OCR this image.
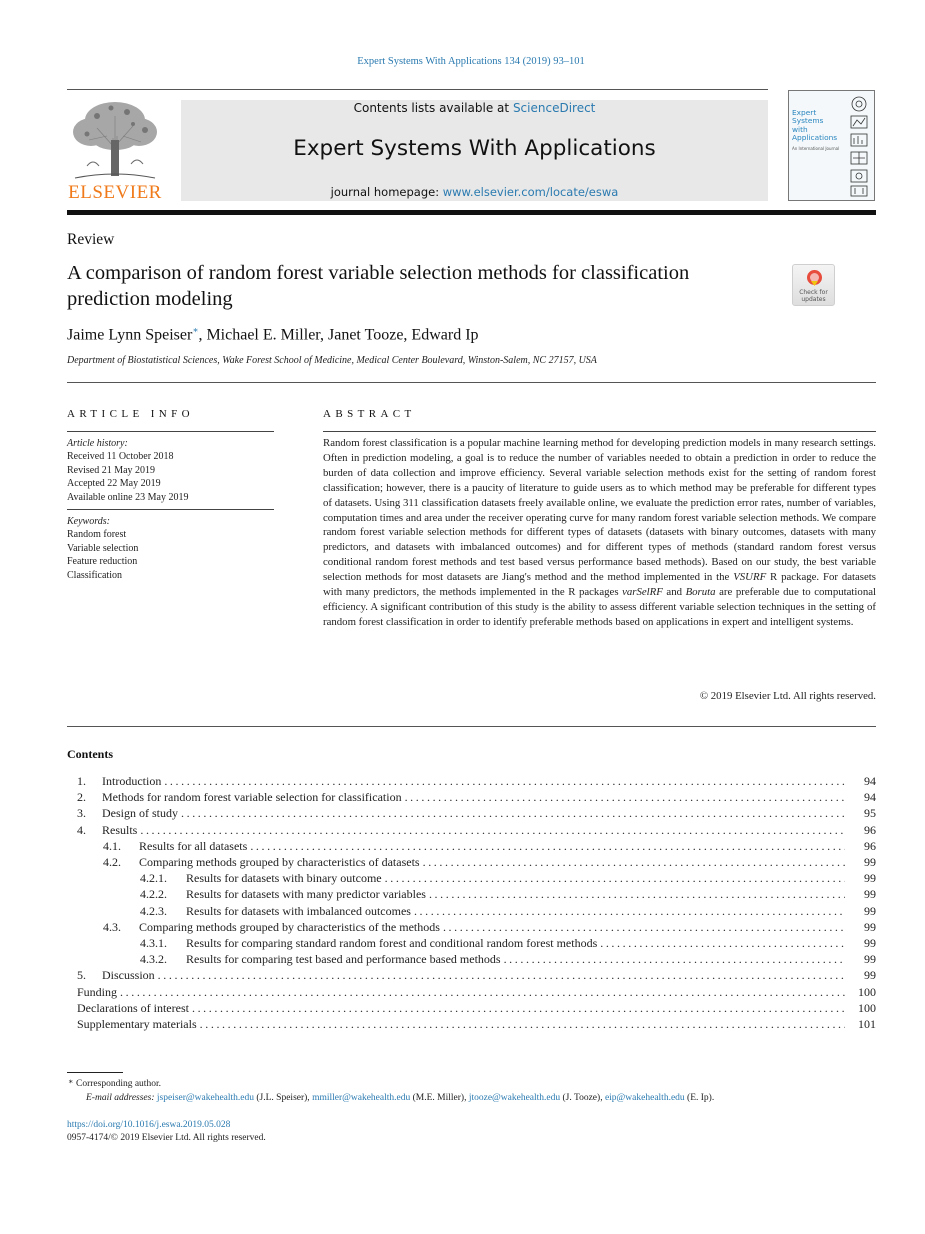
Expert Systems With Applications 134 (2019) 93–101
ELSEVIER
Contents lists available at ScienceDirect
Expert Systems With Applications
journal homepage: www.elsevier.com/locate/eswa
Expert
Systems
with
Applications
An International Journal
Review
A comparison of random forest variable selection methods for classification prediction modeling	Check for updates
Jaime Lynn Speiser∗, Michael E. Miller, Janet Tooze, Edward Ip
Department of Biostatistical Sciences, Wake Forest School of Medicine, Medical Center Boulevard, Winston-Salem, NC 27157, USA
ARTICLE INFO
Article history:
Received 11 October 2018
Revised 21 May 2019
Accepted 22 May 2019
Available online 23 May 2019
Keywords:
Random forest
Variable selection
Feature reduction
Classification
ABSTRACT
Random forest classification is a popular machine learning method for developing prediction models in many research settings. Often in prediction modeling, a goal is to reduce the number of variables needed to obtain a prediction in order to reduce the burden of data collection and improve efficiency. Several variable selection methods exist for the setting of random forest classification; however, there is a paucity of literature to guide users as to which method may be preferable for different types of datasets. Using 311 classification datasets freely available online, we evaluate the prediction error rates, number of variables, computation times and area under the receiver operating curve for many random forest variable selection methods. We compare random forest variable selection methods for different types of datasets (datasets with binary outcomes, datasets with many predictors, and datasets with imbalanced outcomes) and for different types of methods (standard random forest versus conditional random forest methods and test based versus performance based methods). Based on our study, the best variable selection methods for most datasets are Jiang's method and the method implemented in the VSURF R package. For datasets with many predictors, the methods implemented in the R packages varSelRF and Boruta are preferable due to computational efficiency. A significant contribution of this study is the ability to assess different variable selection techniques in the setting of random forest classification in order to identify preferable methods based on applications in expert and intelligent systems.
© 2019 Elsevier Ltd. All rights reserved.
Contents
1. Introduction .....	94
2. Methods for random forest variable selection for classification .....	94
3. Design of study .....	95
4. Results .....	96
4.1. Results for all datasets .....	96
4.2. Comparing methods grouped by characteristics of datasets .....	99
4.2.1. Results for datasets with binary outcome .....	99
4.2.2. Results for datasets with many predictor variables .....	99
4.2.3. Results for datasets with imbalanced outcomes .....	99
4.3. Comparing methods grouped by characteristics of the methods .....	99
4.3.1. Results for comparing standard random forest and conditional random forest methods .....	99
4.3.2. Results for comparing test based and performance based methods .....	99
5. Discussion .....	99
Funding .....	100
Declarations of interest .....	100
Supplementary materials .....	101
∗ Corresponding author.
E-mail addresses: jspeiser@wakehealth.edu (J.L. Speiser), mmiller@wakehealth.edu (M.E. Miller), jtooze@wakehealth.edu (J. Tooze), eip@wakehealth.edu (E. Ip).
https://doi.org/10.1016/j.eswa.2019.05.028
0957-4174/© 2019 Elsevier Ltd. All rights reserved.
